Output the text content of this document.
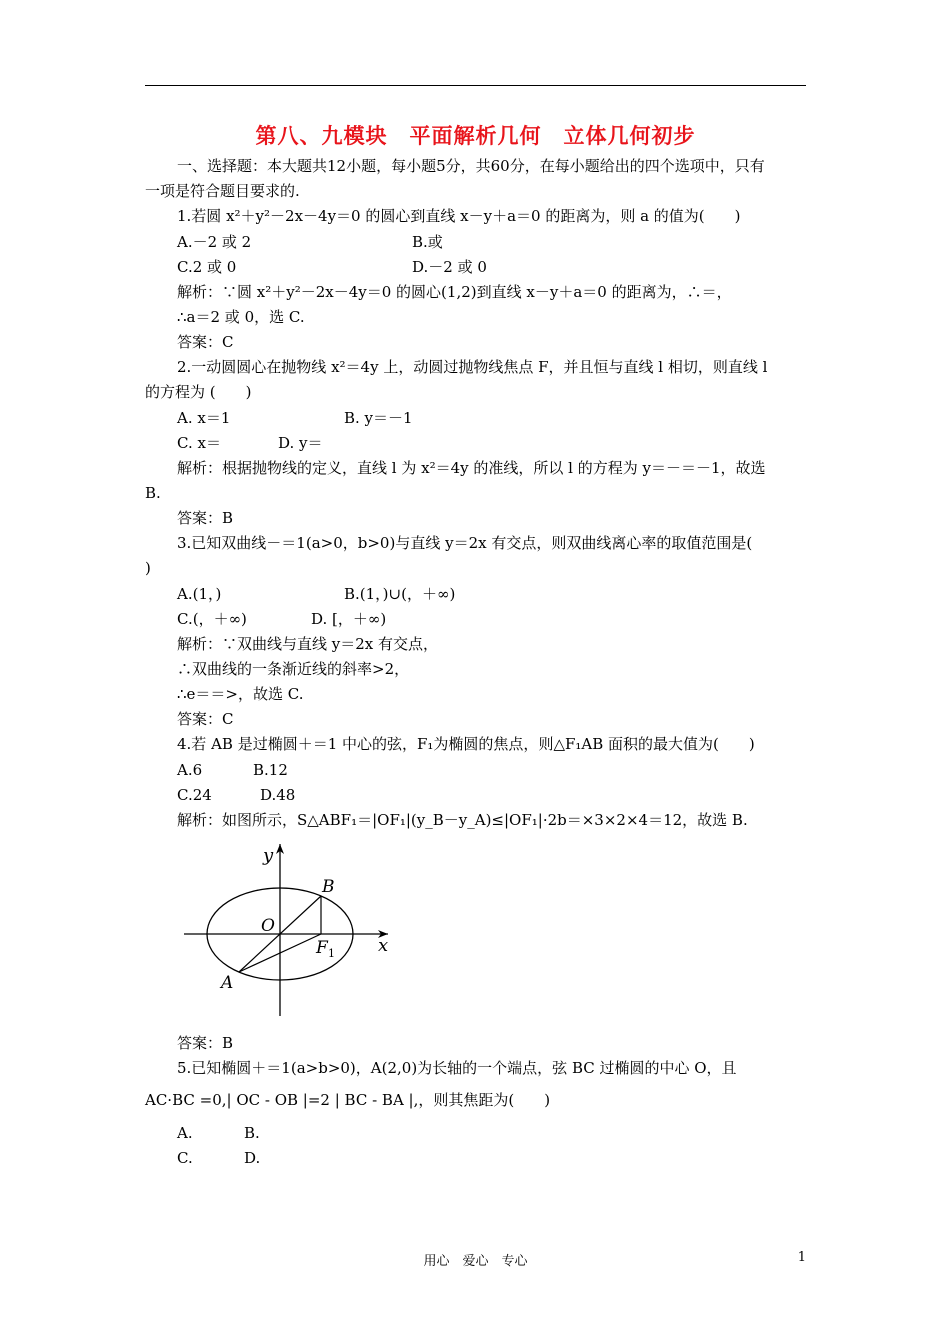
第八、九模块　平面解析几何　立体几何初步
一、选择题：本大题共12小题，每小题5分，共60分，在每小题给出的四个选项中，只有
一项是符合题目要求的.
1.若圆 x²＋y²－2x－4y＝0 的圆心到直线 x－y＋a＝0 的距离为，则 a 的值为(　　)
A.－2 或 2	B.或
C.2 或 0	D.－2 或 0
解析：∵圆 x²＋y²－2x－4y＝0 的圆心(1,2)到直线 x－y＋a＝0 的距离为，∴＝，
∴a＝2 或 0，选 C.
答案：C
2.一动圆圆心在抛物线 x²＝4y 上，动圆过抛物线焦点 F，并且恒与直线 l 相切，则直线 l
的方程为 (　　)
A. x＝1	B. y＝－1
C. x＝	D. y＝
解析：根据抛物线的定义，直线 l 为 x²＝4y 的准线，所以 l 的方程为 y＝－＝－1，故选
B.
答案：B
3.已知双曲线－＝1(a>0，b>0)与直线 y＝2x 有交点，则双曲线离心率的取值范围是(
)
A.(1，)	B.(1，)∪(，＋∞)
C.(，＋∞)	D. [，＋∞)
解析：∵双曲线与直线 y＝2x 有交点，
∴双曲线的一条渐近线的斜率>2，
∴e＝＝>，故选 C.
答案：C
4.若 AB 是过椭圆＋＝1 中心的弦，F₁为椭圆的焦点，则△F₁AB 面积的最大值为(　　)
A.6	B.12
C.24	D.48
解析：如图所示，S△ABF₁＝|OF₁|(y_B－y_A)≤|OF₁|·2b＝×3×2×4＝12，故选 B.
y
x
O
B
A
F 1
答案：B
5.已知椭圆＋＝1(a>b>0)，A(2,0)为长轴的一个端点，弦 BC 过椭圆的中心 O，且
AC·BC =0,| OC - OB |=2 | BC - BA |,，则其焦距为(　　)
A.	B.
C.	D.
用心　爱心　专心	1
